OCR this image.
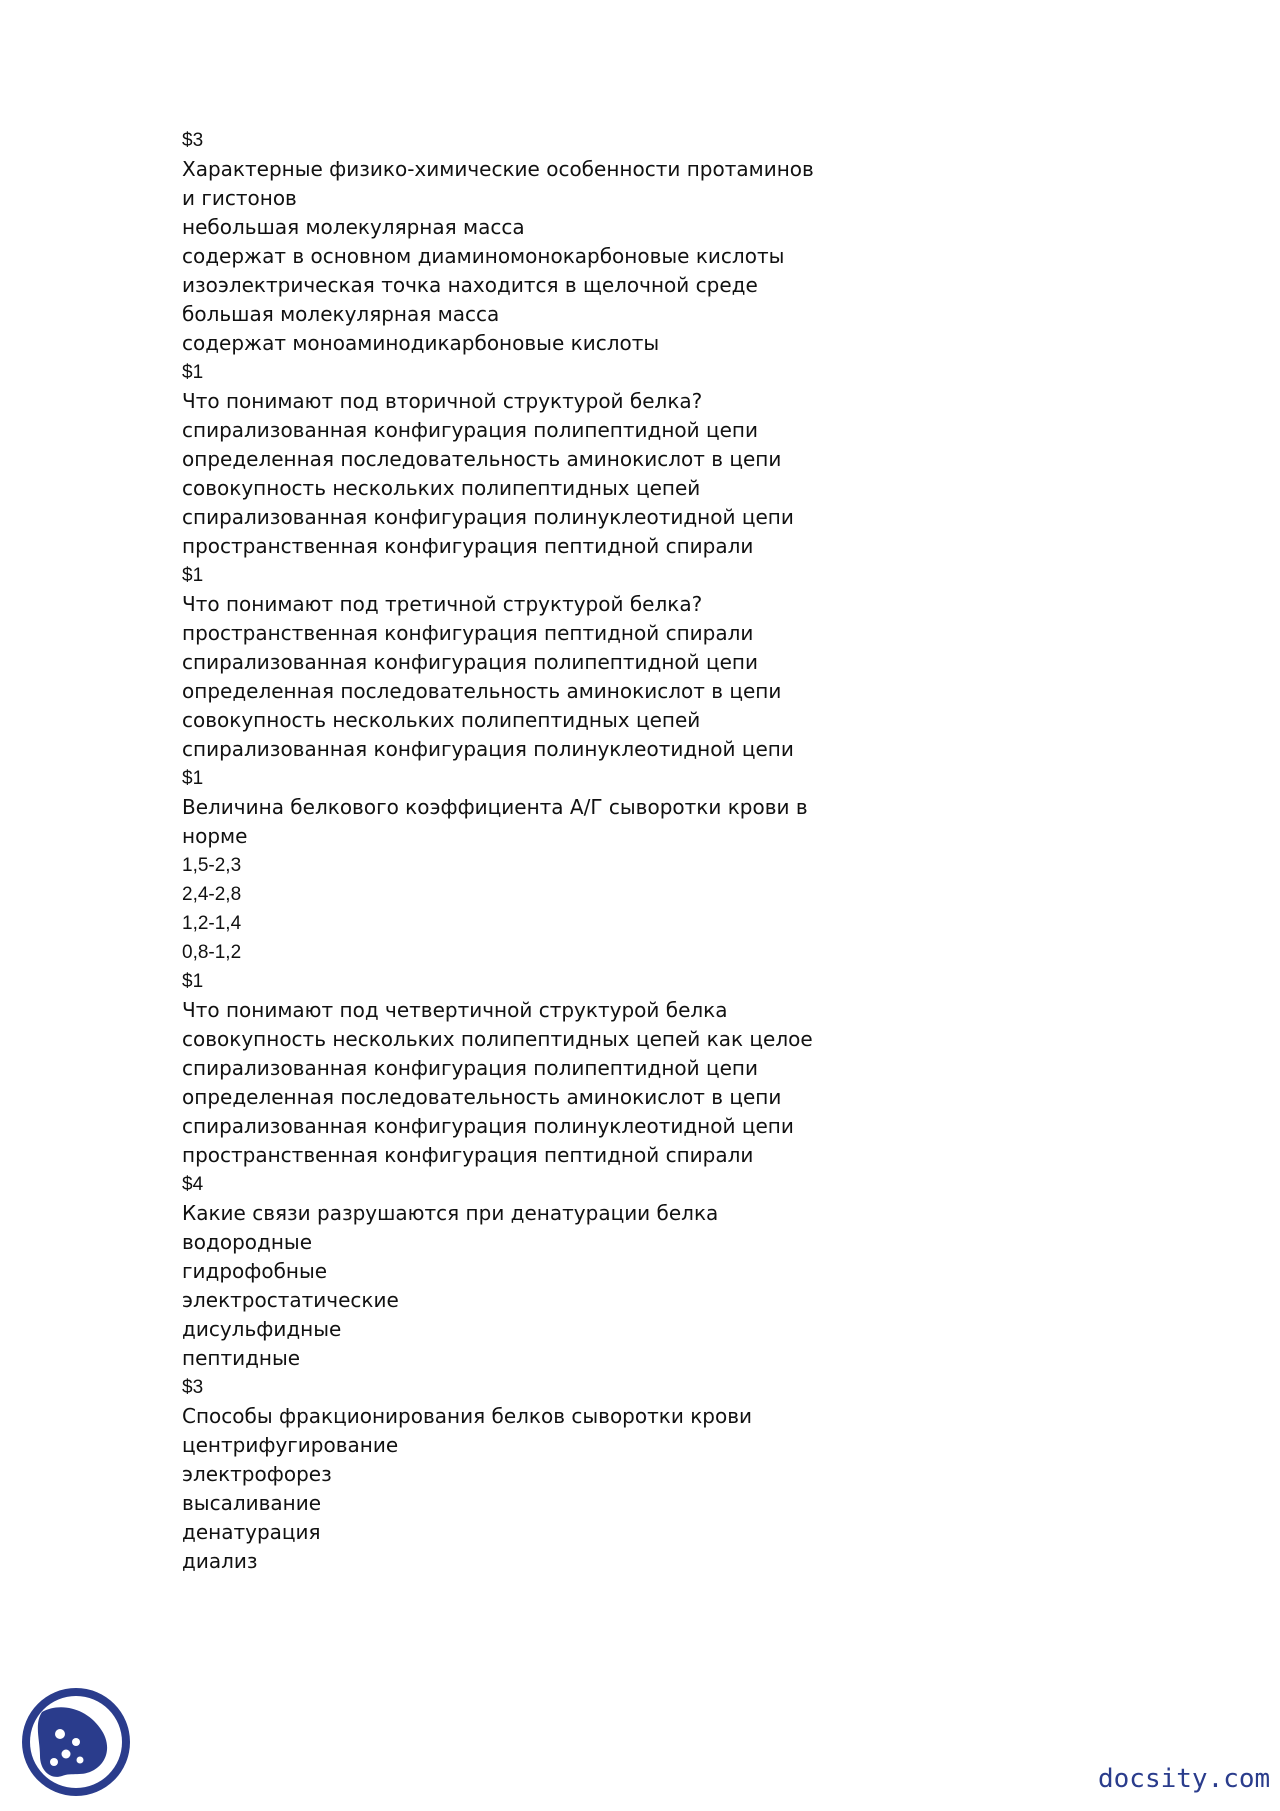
$3
Характерные физико-химические особенности протаминов и гистонов
небольшая молекулярная масса
содержат в основном диаминомонокарбоновые кислоты
изоэлектрическая точка находится в щелочной среде
большая молекулярная масса
содержат моноаминодикарбоновые кислоты
$1
Что понимают под вторичной структурой белка?
спирализованная конфигурация полипептидной цепи
определенная последовательность аминокислот в цепи
совокупность нескольких полипептидных цепей
спирализованная конфигурация полинуклеотидной цепи
пространственная конфигурация пептидной спирали
$1
Что понимают под третичной структурой белка?
пространственная конфигурация пептидной спирали
спирализованная конфигурация полипептидной цепи
определенная последовательность аминокислот в цепи
совокупность нескольких полипептидных цепей
спирализованная конфигурация полинуклеотидной цепи
$1
Величина белкового коэффициента А/Г сыворотки крови в норме
1,5-2,3
2,4-2,8
1,2-1,4
0,8-1,2
$1
Что понимают под четвертичной структурой белка
совокупность нескольких полипептидных цепей как целое
спирализованная конфигурация полипептидной цепи
определенная последовательность аминокислот в цепи
спирализованная конфигурация полинуклеотидной цепи
пространственная конфигурация пептидной спирали
$4
Какие связи разрушаются при денатурации белка
водородные
гидрофобные
электростатические
дисульфидные
пептидные
$3
Способы фракционирования белков сыворотки крови
центрифугирование
электрофорез
высаливание
денатурация
диализ
docsity.com
